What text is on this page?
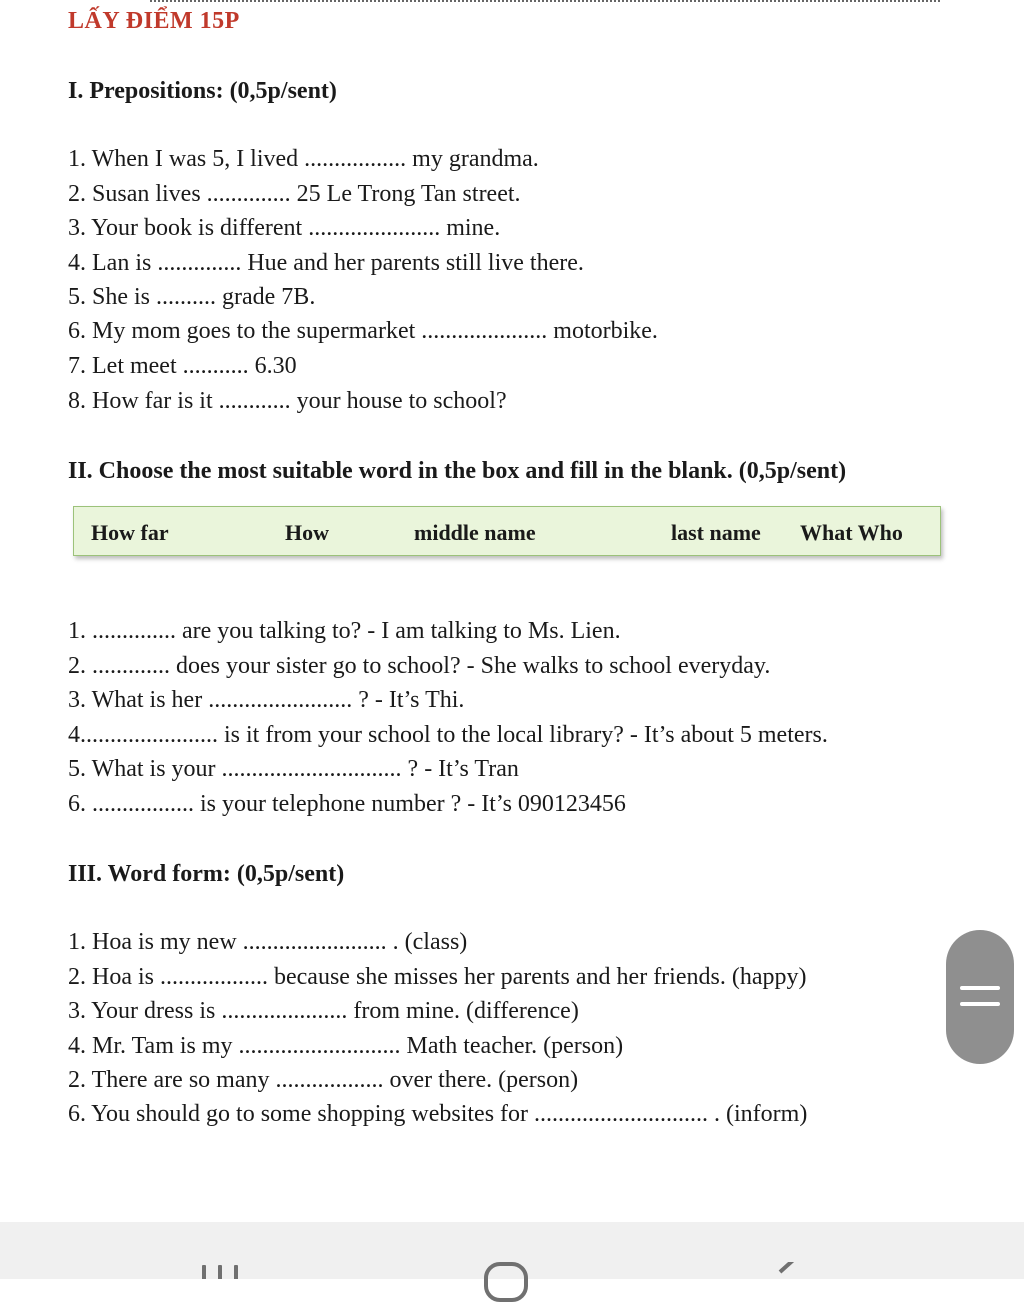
LẤY ĐIỂM 15P
I. Prepositions: (0,5p/sent)
1. When I was 5, I lived ................. my grandma.
2. Susan lives .............. 25 Le Trong Tan street.
3. Your book is different ...................... mine.
4. Lan is .............. Hue and her parents still live there.
5. She is .......... grade 7B.
6. My mom goes to the supermarket ..................... motorbike.
7. Let meet ........... 6.30
8. How far is it ............ your house to school?
II. Choose the most suitable word in the box and fill in the blank. (0,5p/sent)
How far	How	middle name	last name What Who
1. .............. are you talking to? - I am talking to Ms. Lien.
2. ............. does your sister go to school? - She walks to school everyday.
3. What is her ........................ ? - It’s Thi.
4....................... is it from your school to the local library? - It’s about 5 meters.
5. What is your .............................. ? - It’s Tran
6. ................. is your telephone number ? - It’s 090123456
III. Word form: (0,5p/sent)
1. Hoa is my new ........................ . (class)
2. Hoa is .................. because she misses her parents and her friends. (happy)
3. Your dress is ..................... from mine. (difference)
4. Mr. Tam is my ........................... Math teacher. (person)
2. There are so many .................. over there. (person)
6. You should go to some shopping websites for ............................. . (inform)
